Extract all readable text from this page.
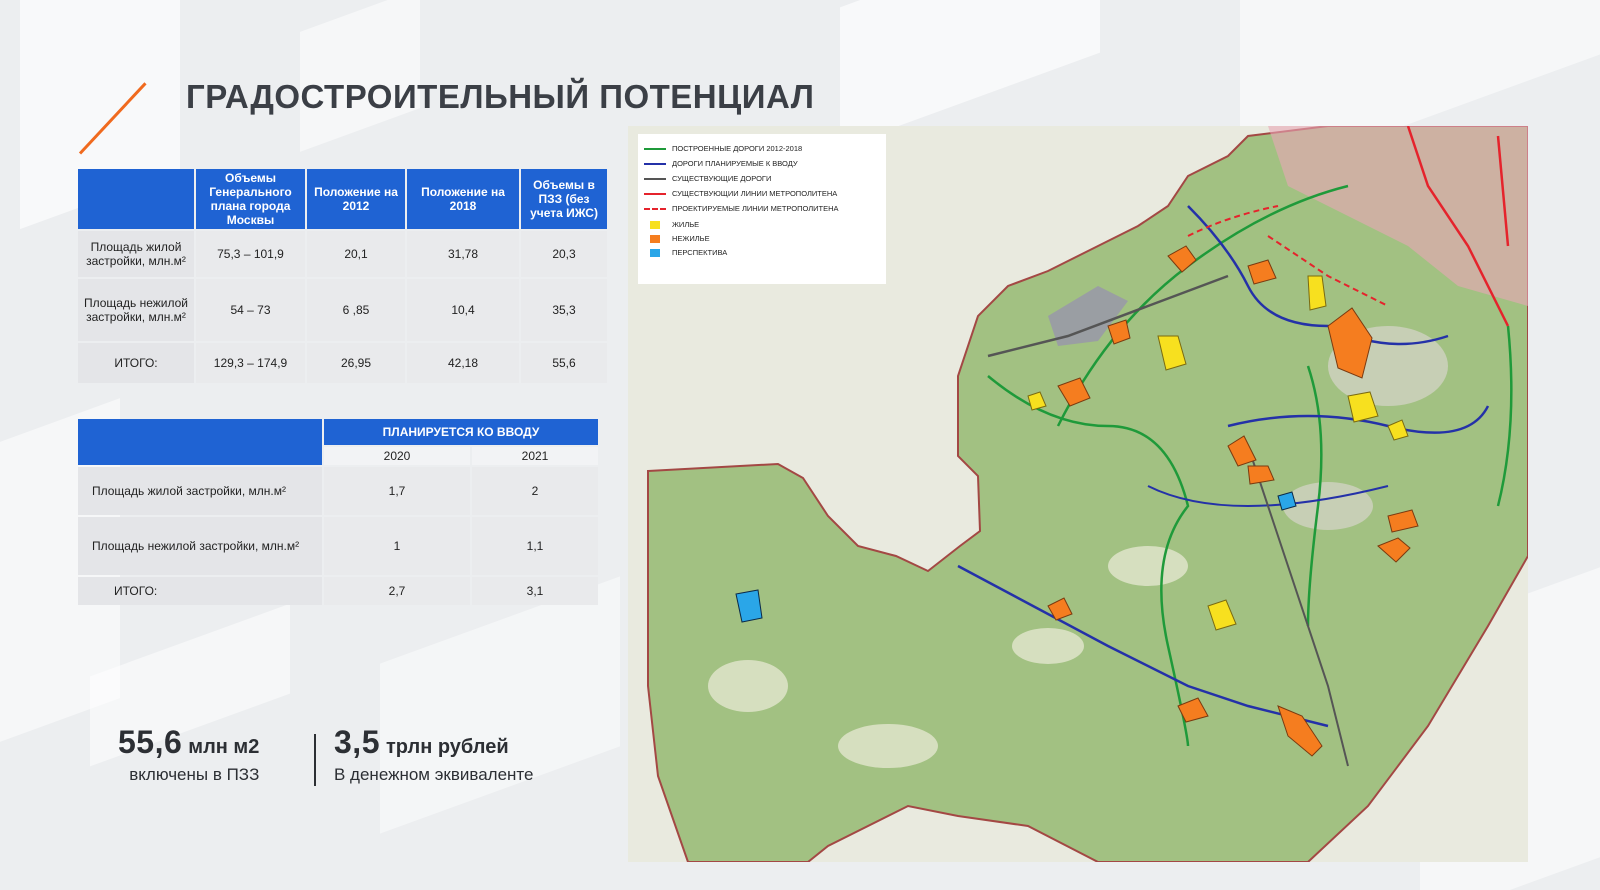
ГРАДОСТРОИТЕЛЬНЫЙ ПОТЕНЦИАЛ
	Объемы Генерального плана города Москвы	Положение на 2012	Положение на 2018	Объемы в ПЗЗ (без учета ИЖС)
Площадь жилой застройки, млн.м²	75,3 – 101,9	20,1	31,78	20,3
Площадь нежилой застройки, млн.м²	54 – 73	6 ,85	10,4	35,3
ИТОГО:	129,3 – 174,9	26,95	42,18	55,6
	ПЛАНИРУЕТСЯ КО ВВОДУ	
	2020	2021
Площадь жилой застройки, млн.м²	1,7	2
Площадь нежилой застройки, млн.м²	1	1,1
ИТОГО:	2,7	3,1
55,6 млн м2
включены в ПЗЗ
3,5 трлн рублей
В денежном эквиваленте
ПОСТРОЕННЫЕ ДОРОГИ 2012-2018
ДОРОГИ ПЛАНИРУЕМЫЕ К ВВОДУ
СУЩЕСТВУЮЩИЕ ДОРОГИ
СУЩЕСТВУЮЩИИ ЛИНИИ МЕТРОПОЛИТЕНА
ПРОЕКТИРУЕМЫЕ ЛИНИИ МЕТРОПОЛИТЕНА
ЖИЛЬЕ
НЕЖИЛЬЕ
ПЕРСПЕКТИВА
